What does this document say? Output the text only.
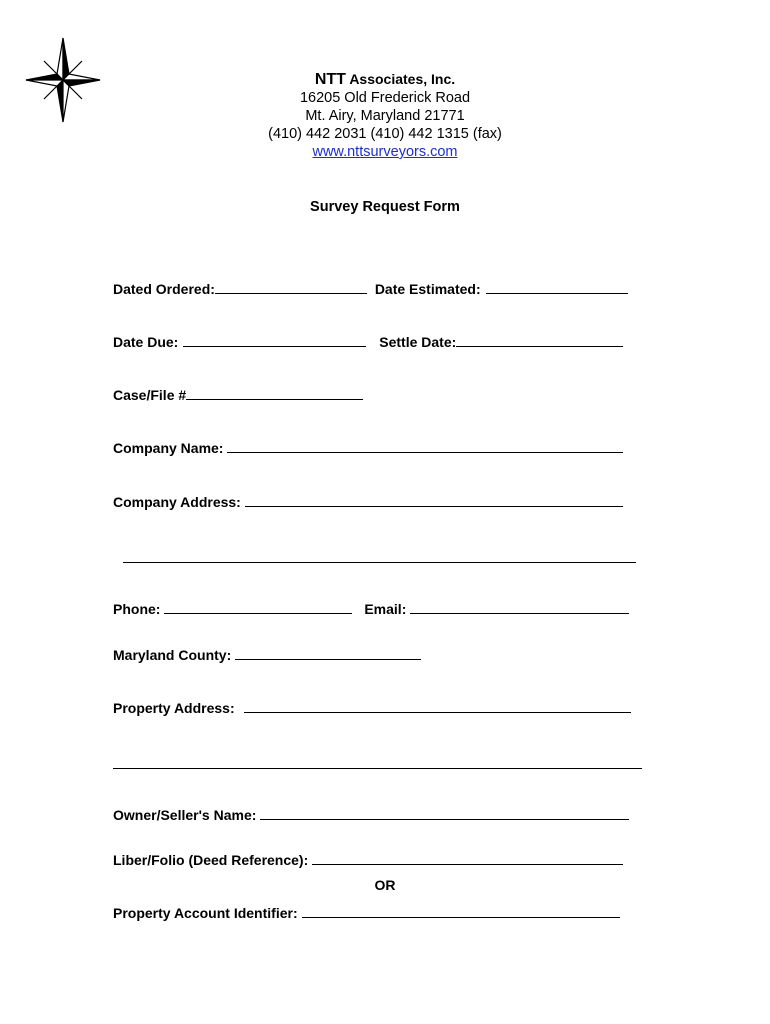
NTT Associates, Inc.
16205 Old Frederick Road
Mt. Airy, Maryland 21771
(410) 442 2031 (410) 442 1315 (fax)
www.nttsurveyors.com
Survey Request Form
Dated Ordered:	Date Estimated:
Date Due:	Settle Date:
Case/File #
Company Name:
Company Address:
Phone:	Email:
Maryland County:
Property Address:
Owner/Seller's Name:
Liber/Folio (Deed Reference):
OR
Property Account Identifier:
